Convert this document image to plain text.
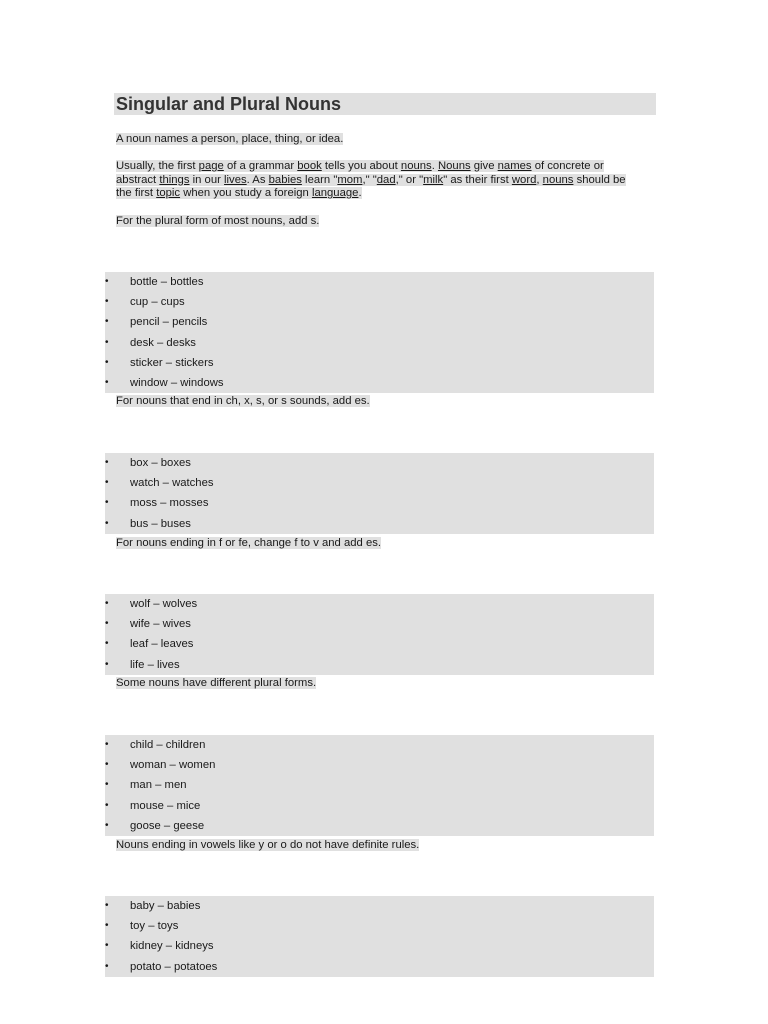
Singular and Plural Nouns
A noun names a person, place, thing, or idea.
Usually, the first page of a grammar book tells you about nouns. Nouns give names of concrete or
abstract things in our lives. As babies learn "mom," "dad," or "milk" as their first word, nouns should be
the first topic when you study a foreign language.
For the plural form of most nouns, add s.
•	bottle – bottles
•	cup – cups
•	pencil – pencils
•	desk – desks
•	sticker – stickers
•	window – windows
For nouns that end in ch, x, s, or s sounds, add es.
•	box – boxes
•	watch – watches
•	moss – mosses
•	bus – buses
For nouns ending in f or fe, change f to v and add es.
•	wolf – wolves
•	wife – wives
•	leaf – leaves
•	life – lives
Some nouns have different plural forms.
•	child – children
•	woman – women
•	man – men
•	mouse – mice
•	goose – geese
Nouns ending in vowels like y or o do not have definite rules.
•	baby – babies
•	toy – toys
•	kidney – kidneys
•	potato – potatoes
